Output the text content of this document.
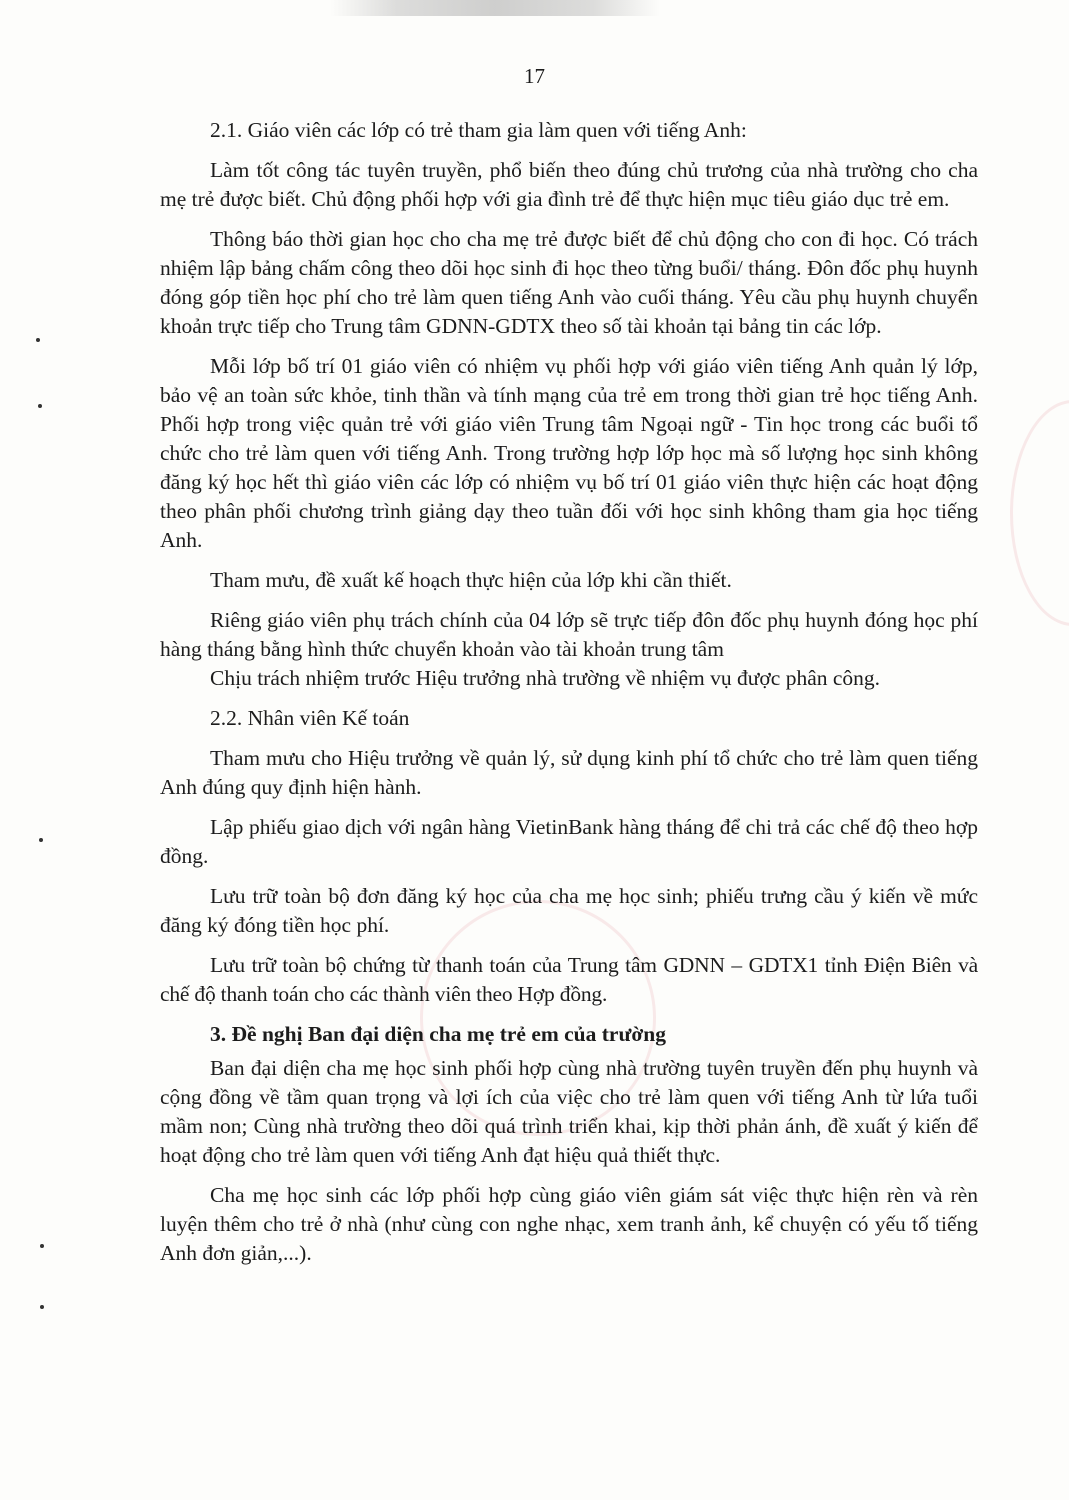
17

2.1. Giáo viên các lớp có trẻ tham gia làm quen với tiếng Anh:

Làm tốt công tác tuyên truyền, phổ biến theo đúng chủ trương của nhà trường cho cha mẹ trẻ được biết. Chủ động phối hợp với gia đình trẻ để thực hiện mục tiêu giáo dục trẻ em.

Thông báo thời gian học cho cha mẹ trẻ được biết để chủ động cho con đi học. Có trách nhiệm lập bảng chấm công theo dõi học sinh đi học theo từng buổi/ tháng. Đôn đốc phụ huynh đóng góp tiền học phí cho trẻ làm quen tiếng Anh vào cuối tháng. Yêu cầu phụ huynh chuyển khoản trực tiếp cho Trung tâm GDNN-GDTX theo số tài khoản tại bảng tin các lớp.

Mỗi lớp bố trí 01 giáo viên có nhiệm vụ phối hợp với giáo viên tiếng Anh quản lý lớp, bảo vệ an toàn sức khỏe, tinh thần và tính mạng của trẻ em trong thời gian trẻ học tiếng Anh. Phối hợp trong việc quản trẻ với giáo viên Trung tâm Ngoại ngữ - Tin học trong các buổi tổ chức cho trẻ làm quen với tiếng Anh. Trong trường hợp lớp học mà số lượng học sinh không đăng ký học hết thì giáo viên các lớp có nhiệm vụ bố trí 01 giáo viên thực hiện các hoạt động theo phân phối chương trình giảng dạy theo tuần đối với học sinh không tham gia học tiếng Anh.

Tham mưu, đề xuất kế hoạch thực hiện của lớp khi cần thiết.

Riêng giáo viên phụ trách chính của 04 lớp sẽ trực tiếp đôn đốc phụ huynh đóng học phí hàng tháng bằng hình thức chuyển khoản vào tài khoản trung tâm

Chịu trách nhiệm trước Hiệu trưởng nhà trường về nhiệm vụ được phân công.

2.2. Nhân viên Kế toán

Tham mưu cho Hiệu trưởng về quản lý, sử dụng kinh phí tổ chức cho trẻ làm quen tiếng Anh đúng quy định hiện hành.

Lập phiếu giao dịch với ngân hàng VietinBank hàng tháng để chi trả các chế độ theo hợp đồng.

Lưu trữ toàn bộ đơn đăng ký học của cha mẹ học sinh; phiếu trưng cầu ý kiến về mức đăng ký đóng tiền học phí.

Lưu trữ toàn bộ chứng từ thanh toán của Trung tâm GDNN – GDTX1 tỉnh Điện Biên và chế độ thanh toán cho các thành viên theo Hợp đồng.

3. Đề nghị Ban đại diện cha mẹ trẻ em của trường

Ban đại diện cha mẹ học sinh phối hợp cùng nhà trường tuyên truyền đến phụ huynh và cộng đồng về tầm quan trọng và lợi ích của việc cho trẻ làm quen với tiếng Anh từ lứa tuổi mầm non; Cùng nhà trường theo dõi quá trình triển khai, kịp thời phản ánh, đề xuất ý kiến để hoạt động cho trẻ làm quen với tiếng Anh đạt hiệu quả thiết thực.

Cha mẹ học sinh các lớp phối hợp cùng giáo viên giám sát việc thực hiện rèn và rèn luyện thêm cho trẻ ở nhà (như cùng con nghe nhạc, xem tranh ảnh, kể chuyện có yếu tố tiếng Anh đơn giản,...).
